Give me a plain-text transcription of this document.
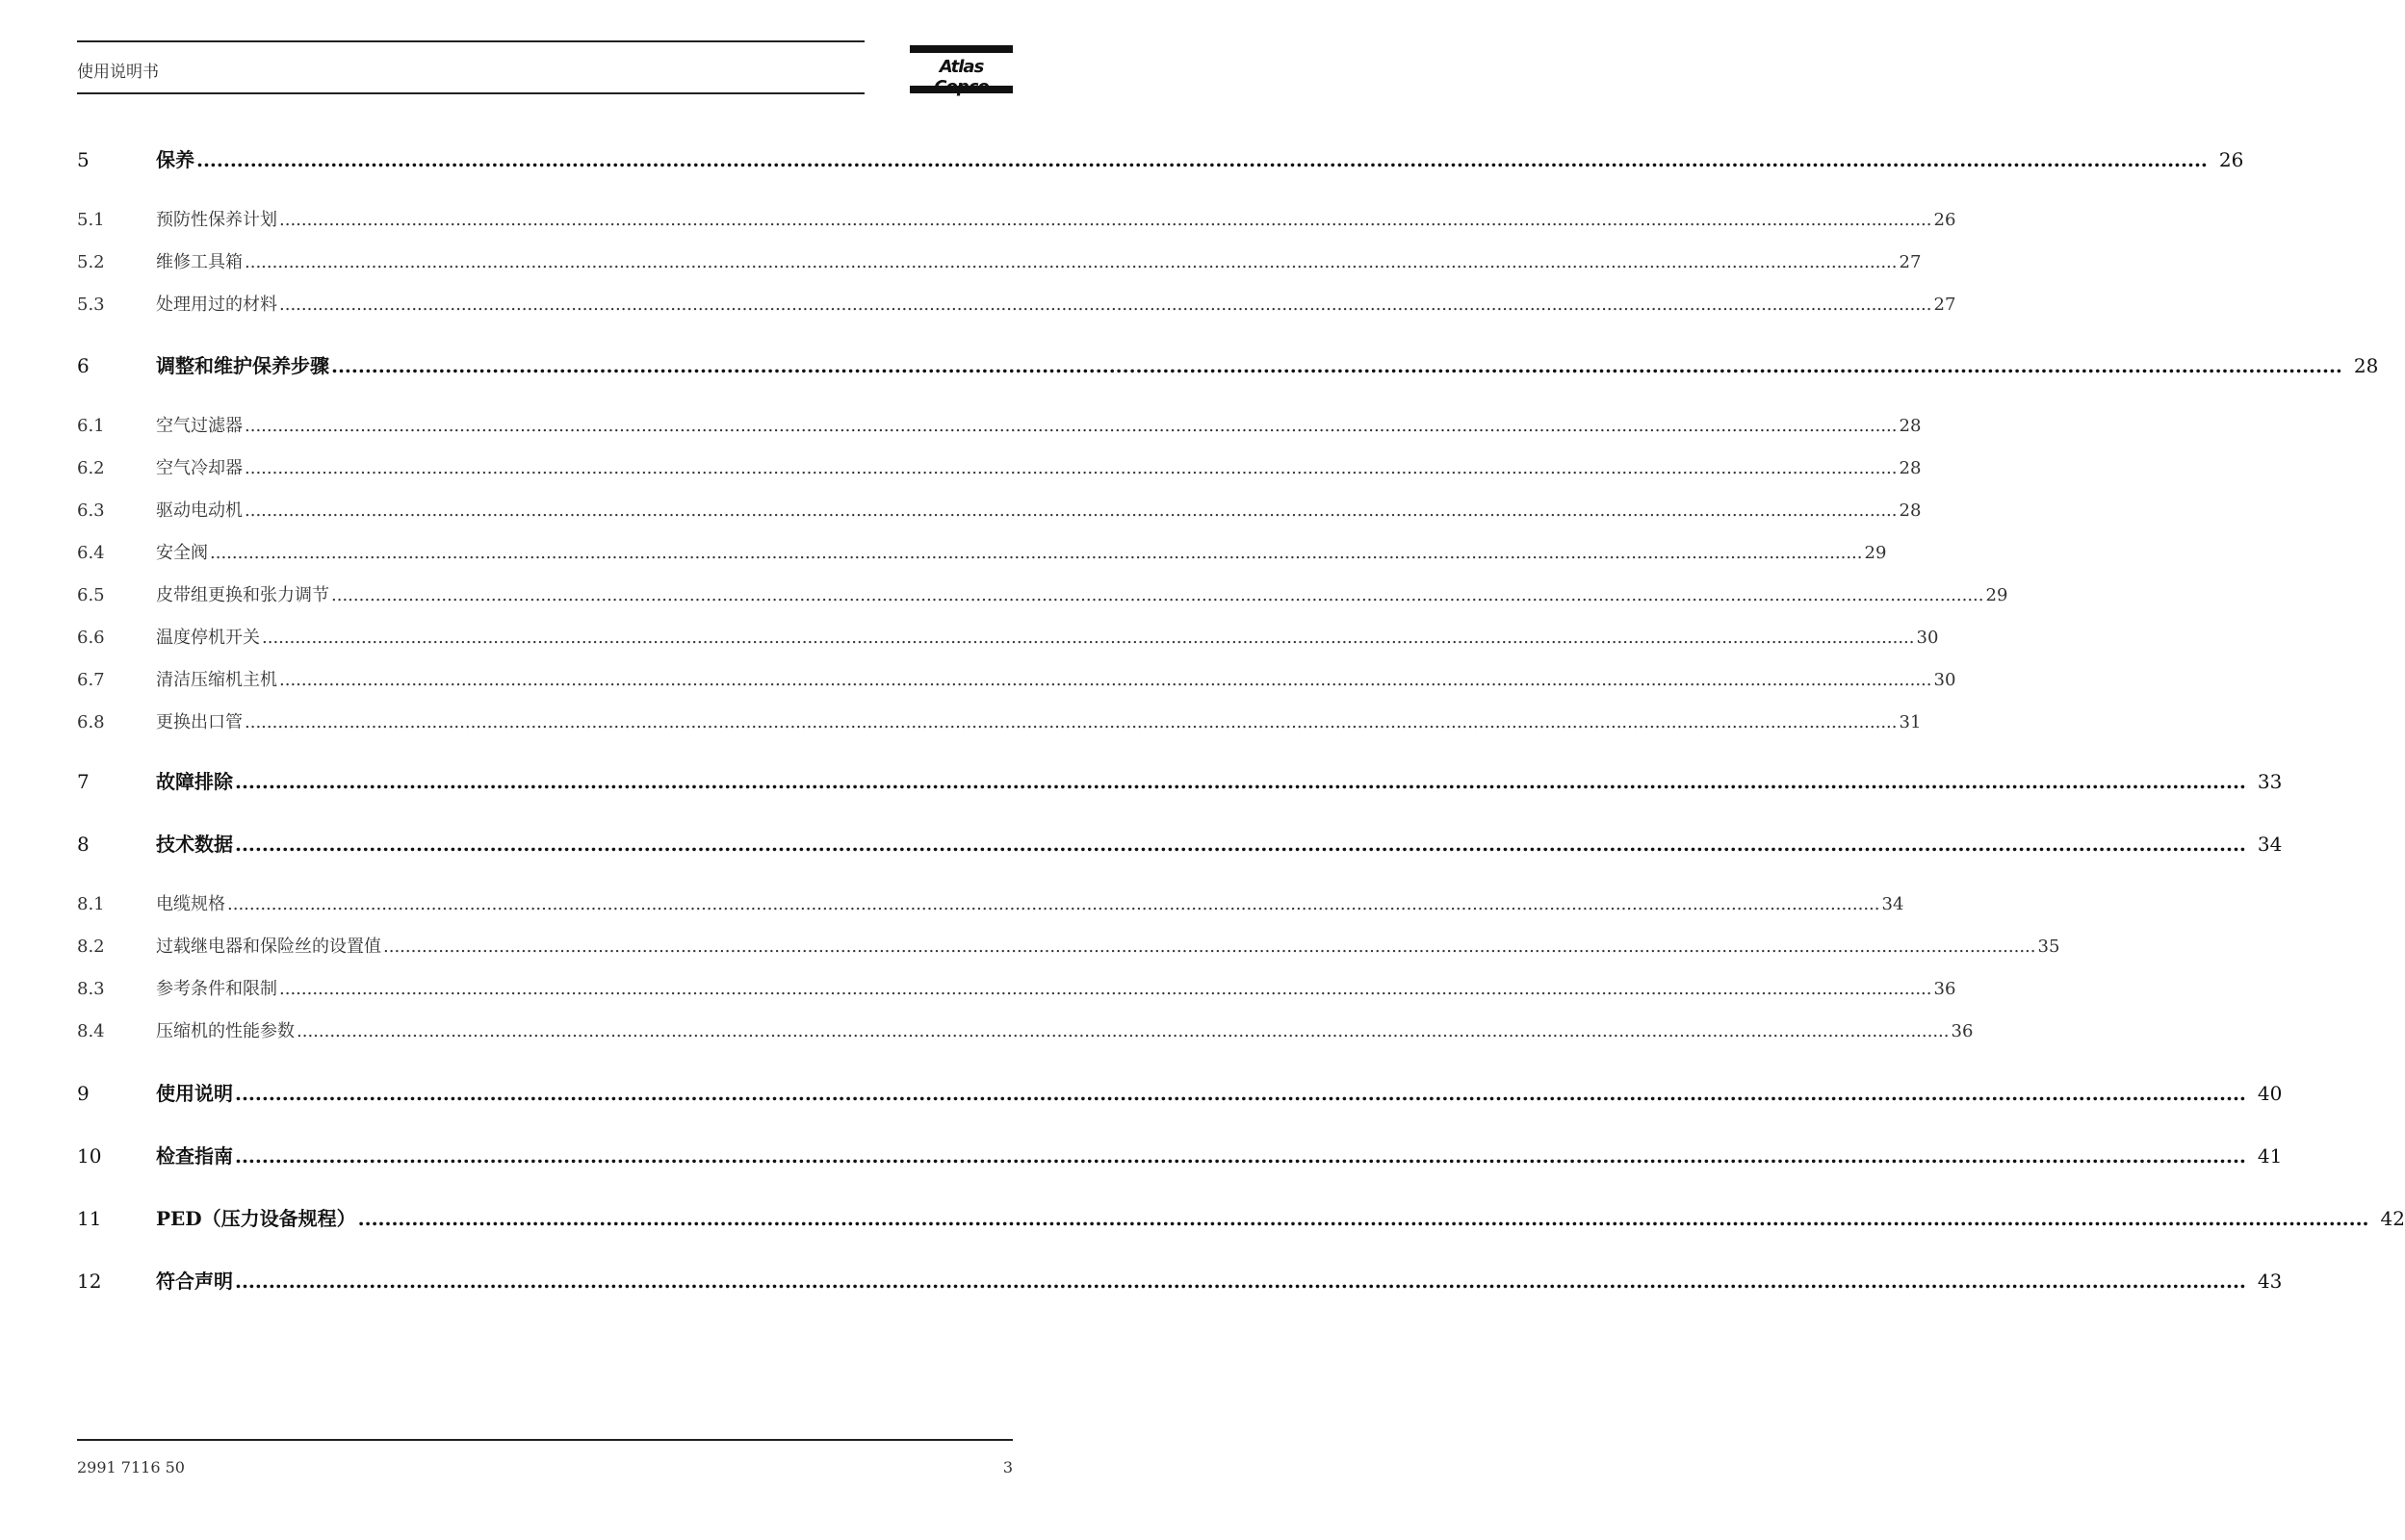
使用说明书	Atlas
5	保养 ............................................................................................................................................................................................................................................................................................................ 26
5.1	预防性保养计划 ............................................................................................................................................................................................................................................................................................................ 26
5.2	维修工具箱 ............................................................................................................................................................................................................................................................................................................ 27
5.3	处理用过的材料 ............................................................................................................................................................................................................................................................................................................ 27
6	调整和维护保养步骤 ............................................................................................................................................................................................................................................................................................................ 28
6.1	空气过滤器 ............................................................................................................................................................................................................................................................................................................ 28
6.2	空气冷却器 ............................................................................................................................................................................................................................................................................................................ 28
6.3	驱动电动机 ............................................................................................................................................................................................................................................................................................................ 28
6.4	安全阀 ............................................................................................................................................................................................................................................................................................................ 29
6.5	皮带组更换和张力调节 ............................................................................................................................................................................................................................................................................................................ 29
6.6	温度停机开关 ............................................................................................................................................................................................................................................................................................................ 30
6.7	清洁压缩机主机 ............................................................................................................................................................................................................................................................................................................ 30
6.8	更换出口管 ............................................................................................................................................................................................................................................................................................................ 31
7	故障排除 ............................................................................................................................................................................................................................................................................................................ 33
8	技术数据 ............................................................................................................................................................................................................................................................................................................ 34
8.1	电缆规格 ............................................................................................................................................................................................................................................................................................................ 34
8.2	过载继电器和保险丝的设置值 ............................................................................................................................................................................................................................................................................................................ 35
8.3	参考条件和限制 ............................................................................................................................................................................................................................................................................................................ 36
8.4	压缩机的性能参数 ............................................................................................................................................................................................................................................................................................................ 36
9	使用说明 ............................................................................................................................................................................................................................................................................................................ 40
10	检查指南 ............................................................................................................................................................................................................................................................................................................ 41
11	PED（压力设备规程） ............................................................................................................................................................................................................................................................................................................ 42
12	符合声明 ............................................................................................................................................................................................................................................................................................................ 43
2991 7116 50	3
